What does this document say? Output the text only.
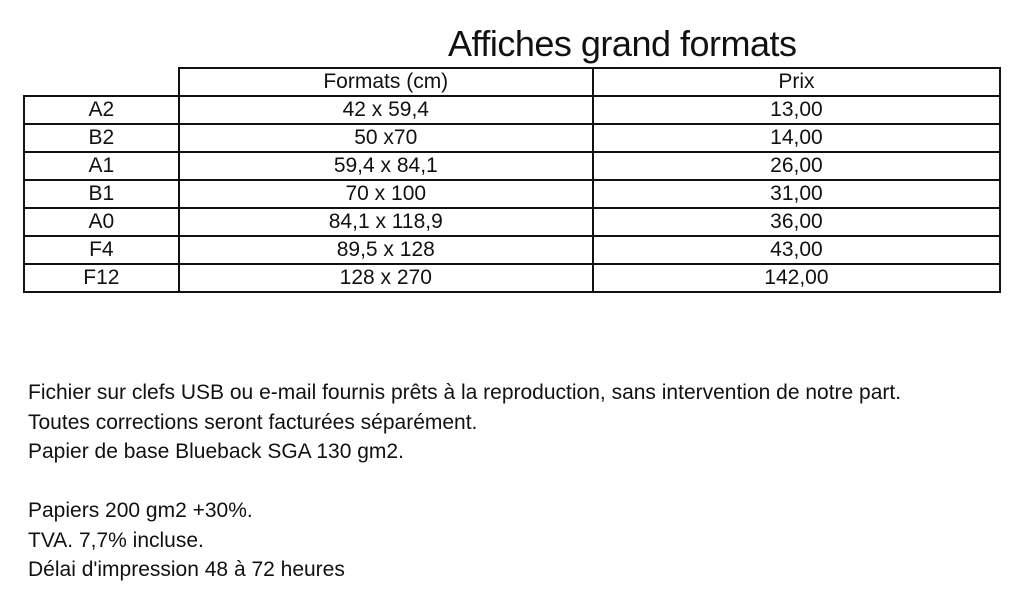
Affiches grand formats
	Formats (cm)	Prix
A2	42 x 59,4	13,00
B2	50 x70	14,00
A1	59,4 x 84,1	26,00
B1	70 x 100	31,00
A0	84,1 x 118,9	36,00
F4	89,5 x 128	43,00
F12	128 x 270	142,00
Fichier sur clefs USB ou e-mail fournis prêts à la reproduction, sans intervention de notre part.
Toutes corrections seront facturées séparément.
Papier de base Blueback SGA 130 gm2.
Papiers 200 gm2 +30%.
TVA. 7,7% incluse.
Délai d'impression 48 à 72 heures
